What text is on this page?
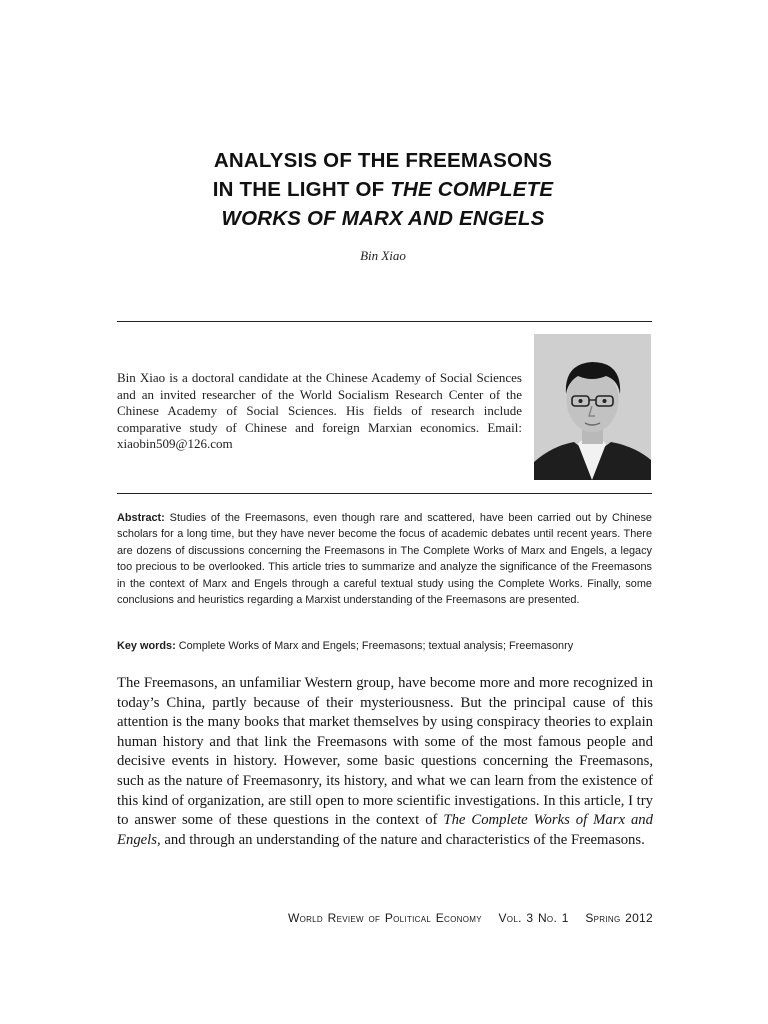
ANALYSIS OF THE FREEMASONS
IN THE LIGHT OF THE COMPLETE
WORKS OF MARX AND ENGELS
Bin Xiao
Bin Xiao is a doctoral candidate at the Chinese Academy of Social Sciences and an invited researcher of the World Socialism Research Center of the Chinese Academy of Social Sciences. His fields of research include comparative study of Chinese and foreign Marxian economics. Email: xiaobin509@126.com
Abstract: Studies of the Freemasons, even though rare and scattered, have been carried out by Chinese scholars for a long time, but they have never become the focus of academic debates until recent years. There are dozens of discussions concerning the Freemasons in The Complete Works of Marx and Engels, a legacy too precious to be overlooked. This article tries to summarize and analyze the significance of the Freemasons in the context of Marx and Engels through a careful textual study using the Complete Works. Finally, some conclusions and heuristics regarding a Marxist understanding of the Freemasons are presented.
Key words: Complete Works of Marx and Engels; Freemasons; textual analysis; Freemasonry
The Freemasons, an unfamiliar Western group, have become more and more recognized in today’s China, partly because of their mysteriousness. But the principal cause of this attention is the many books that market themselves by using conspiracy theories to explain human history and that link the Freemasons with some of the most famous people and decisive events in history. However, some basic questions concerning the Freemasons, such as the nature of Freemasonry, its history, and what we can learn from the existence of this kind of organization, are still open to more scientific investigations. In this article, I try to answer some of these questions in the context of The Complete Works of Marx and Engels, and through an understanding of the nature and characteristics of the Freemasons.
World Review of Political Economy Vol. 3 No. 1 Spring 2012
